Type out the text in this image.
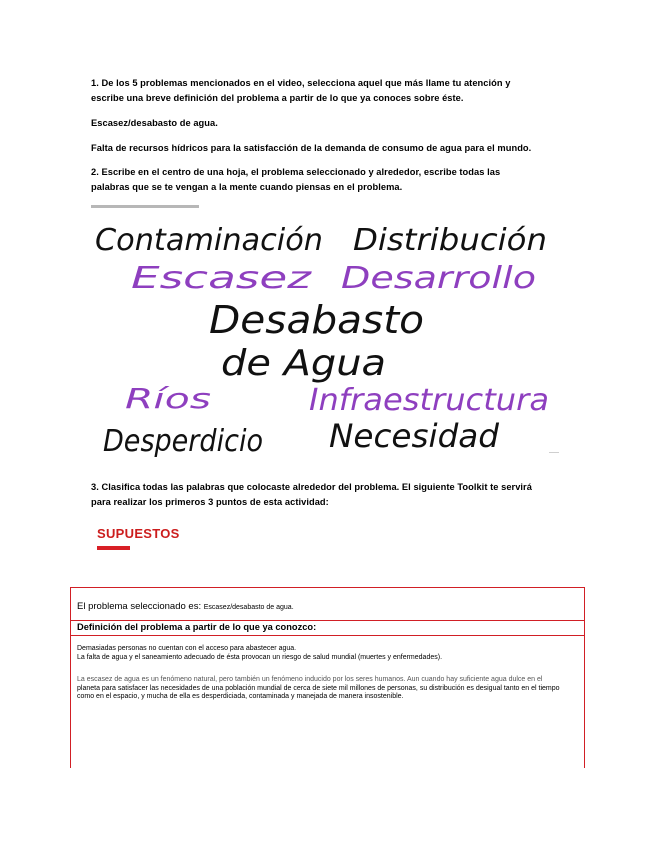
1. De los 5 problemas mencionados en el video, selecciona aquel que más llame tu atención y
escribe una breve definición del problema a partir de lo que ya conoces sobre éste.
Escasez/desabasto de agua.
Falta de recursos hídricos para la satisfacción de la demanda de consumo de agua para el mundo.
2. Escribe en el centro de una hoja, el problema seleccionado y alrededor, escribe todas las
palabras que se te vengan a la mente cuando piensas en el problema.
Contaminación Distribución
Escasez Desarrollo
Desabasto
de Agua
Ríos	Infraestructura
Desperdicio Necesidad
3. Clasifica todas las palabras que colocaste alrededor del problema. El siguiente Toolkit te servirá
para realizar los primeros 3 puntos de esta actividad:
SUPUESTOS
El problema seleccionado es: Escasez/desabasto de agua.
Definición del problema a partir de lo que ya conozco:
Demasiadas personas no cuentan con el acceso para abastecer agua.
La falta de agua y el saneamiento adecuado de ésta provocan un riesgo de salud mundial (muertes y enfermedades).
La escasez de agua es un fenómeno natural, pero también un fenómeno inducido por los seres humanos. Aun cuando hay suficiente agua dulce en el
planeta para satisfacer las necesidades de una población mundial de cerca de siete mil millones de personas, su distribución es desigual tanto en el tiempo
como en el espacio, y mucha de ella es desperdiciada, contaminada y manejada de manera insostenible.
